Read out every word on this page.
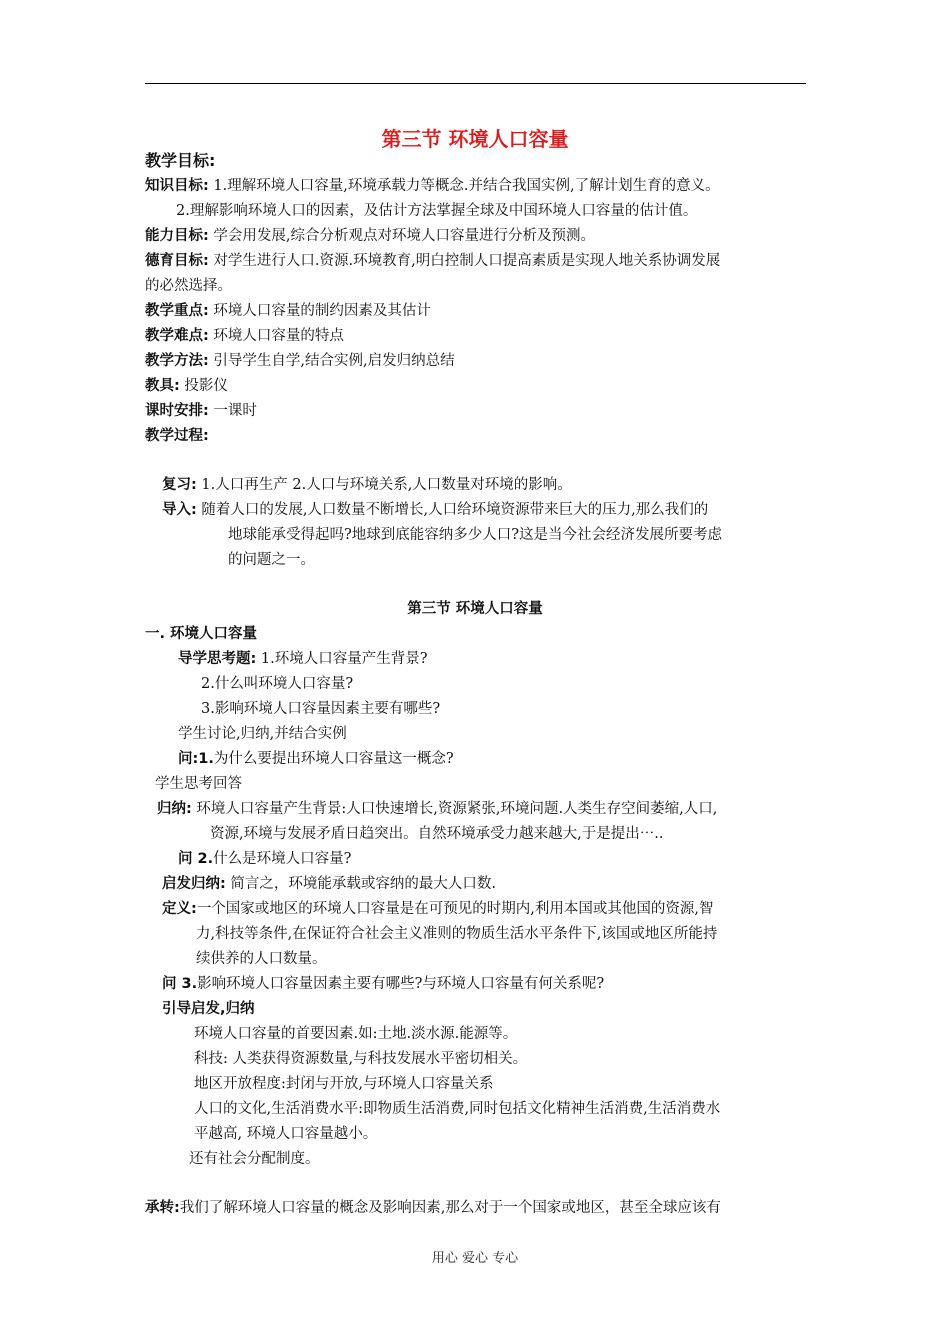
第三节 环境人口容量
教学目标:
知识目标: 1.理解环境人口容量,环境承载力等概念.并结合我国实例,了解计划生育的意义。
2.理解影响环境人口的因素，及估计方法掌握全球及中国环境人口容量的估计值。
能力目标: 学会用发展,综合分析观点对环境人口容量进行分析及预测。
德育目标: 对学生进行人口.资源.环境教育,明白控制人口提高素质是实现人地关系协调发展
的必然选择。
教学重点: 环境人口容量的制约因素及其估计
教学难点: 环境人口容量的特点
教学方法: 引导学生自学,结合实例,启发归纳总结
教具: 投影仪
课时安排: 一课时
教学过程:
复习: 1.人口再生产 2.人口与环境关系,人口数量对环境的影响。
导入: 随着人口的发展,人口数量不断增长,人口给环境资源带来巨大的压力,那么我们的
地球能承受得起吗?地球到底能容纳多少人口?这是当今社会经济发展所要考虑
的问题之一。
第三节 环境人口容量
一. 环境人口容量
导学思考题: 1.环境人口容量产生背景?
2.什么叫环境人口容量?
3.影响环境人口容量因素主要有哪些?
学生讨论,归纳,并结合实例
问:1.为什么要提出环境人口容量这一概念?
学生思考回答
归纳: 环境人口容量产生背景:人口快速增长,资源紧张,环境问题.人类生存空间萎缩,人口,
资源,环境与发展矛盾日趋突出。自然环境承受力越来越大,于是提出⋯..
问 2.什么是环境人口容量?
启发归纳: 简言之，环境能承载或容纳的最大人口数.
定义:一个国家或地区的环境人口容量是在可预见的时期内,利用本国或其他国的资源,智
力,科技等条件,在保证符合社会主义准则的物质生活水平条件下,该国或地区所能持
续供养的人口数量。
问 3.影响环境人口容量因素主要有哪些?与环境人口容量有何关系呢?
引导启发,归纳
环境人口容量的首要因素.如:土地.淡水源.能源等。
科技: 人类获得资源数量,与科技发展水平密切相关。
地区开放程度:封闭与开放,与环境人口容量关系
人口的文化,生活消费水平:即物质生活消费,同时包括文化精神生活消费,生活消费水
平越高, 环境人口容量越小。
还有社会分配制度。
承转:我们了解环境人口容量的概念及影响因素,那么对于一个国家或地区，甚至全球应该有
用心 爱心 专心
